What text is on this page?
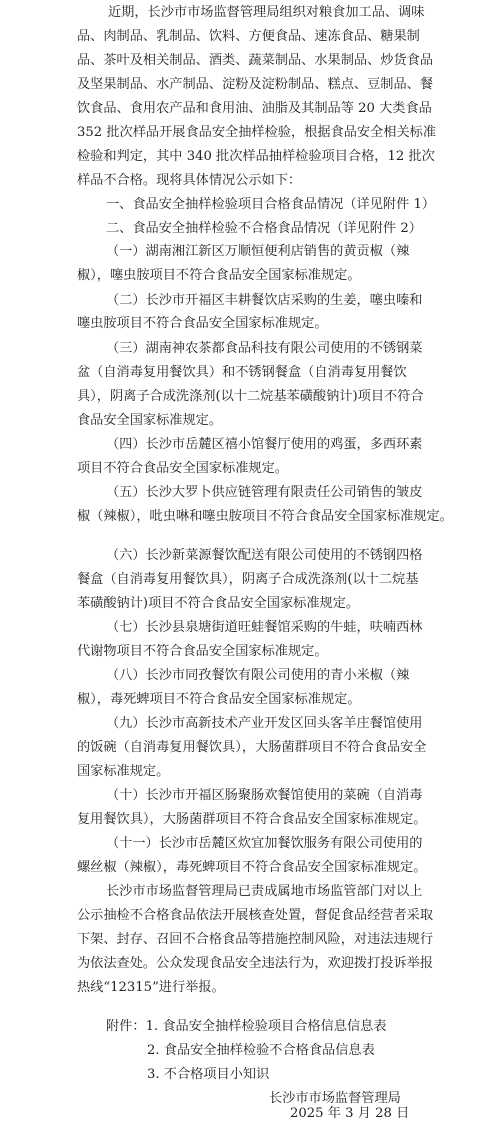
近期，长沙市市场监督管理局组织对粮食加工品、调味
品、肉制品、乳制品、饮料、方便食品、速冻食品、糖果制
品、茶叶及相关制品、酒类、蔬菜制品、水果制品、炒货食品
及坚果制品、水产制品、淀粉及淀粉制品、糕点、豆制品、餐
饮食品、食用农产品和食用油、油脂及其制品等 20 大类食品
352 批次样品开展食品安全抽样检验，根据食品安全相关标准
检验和判定，其中 340 批次样品抽样检验项目合格，12 批次
样品不合格。现将具体情况公示如下：
一、食品安全抽样检验项目合格食品情况（详见附件 1）
二、食品安全抽样检验不合格食品情况（详见附件 2）
（一）湖南湘江新区万顺恒便利店销售的黄贡椒（辣
椒），噻虫胺项目不符合食品安全国家标准规定。
（二）长沙市开福区丰耕餐饮店采购的生姜，噻虫嗪和
噻虫胺项目不符合食品安全国家标准规定。
（三）湖南神农茶都食品科技有限公司使用的不锈钢菜
盆（自消毒复用餐饮具）和不锈钢餐盒（自消毒复用餐饮
具），阴离子合成洗涤剂(以十二烷基苯磺酸钠计)项目不符合
食品安全国家标准规定。
（四）长沙市岳麓区禧小馆餐厅使用的鸡蛋，多西环素
项目不符合食品安全国家标准规定。
（五）长沙大罗卜供应链管理有限责任公司销售的皱皮
椒（辣椒），吡虫啉和噻虫胺项目不符合食品安全国家标准规定。
（六）长沙新菜源餐饮配送有限公司使用的不锈钢四格
餐盒（自消毒复用餐饮具），阴离子合成洗涤剂(以十二烷基
苯磺酸钠计)项目不符合食品安全国家标准规定。
（七）长沙县泉塘街道旺蛙餐馆采购的牛蛙，呋喃西林
代谢物项目不符合食品安全国家标准规定。
（八）长沙市同孜餐饮有限公司使用的青小米椒（辣
椒），毒死蜱项目不符合食品安全国家标准规定。
（九）长沙市高新技术产业开发区回头客羊庄餐馆使用
的饭碗（自消毒复用餐饮具），大肠菌群项目不符合食品安全
国家标准规定。
（十）长沙市开福区肠聚肠欢餐馆使用的菜碗（自消毒
复用餐饮具），大肠菌群项目不符合食品安全国家标准规定。
（十一）长沙市岳麓区炊宜加餐饮服务有限公司使用的
螺丝椒（辣椒），毒死蜱项目不符合食品安全国家标准规定。
长沙市市场监督管理局已责成属地市场监管部门对以上
公示抽检不合格食品依法开展核查处置，督促食品经营者采取
下架、封存、召回不合格食品等措施控制风险，对违法违规行
为依法查处。公众发现食品安全违法行为，欢迎拨打投诉举报
热线“12315”进行举报。
附件：1. 食品安全抽样检验项目合格信息信息表
2. 食品安全抽样检验不合格食品信息表
3. 不合格项目小知识
长沙市市场监督管理局
2025 年 3 月 28 日
